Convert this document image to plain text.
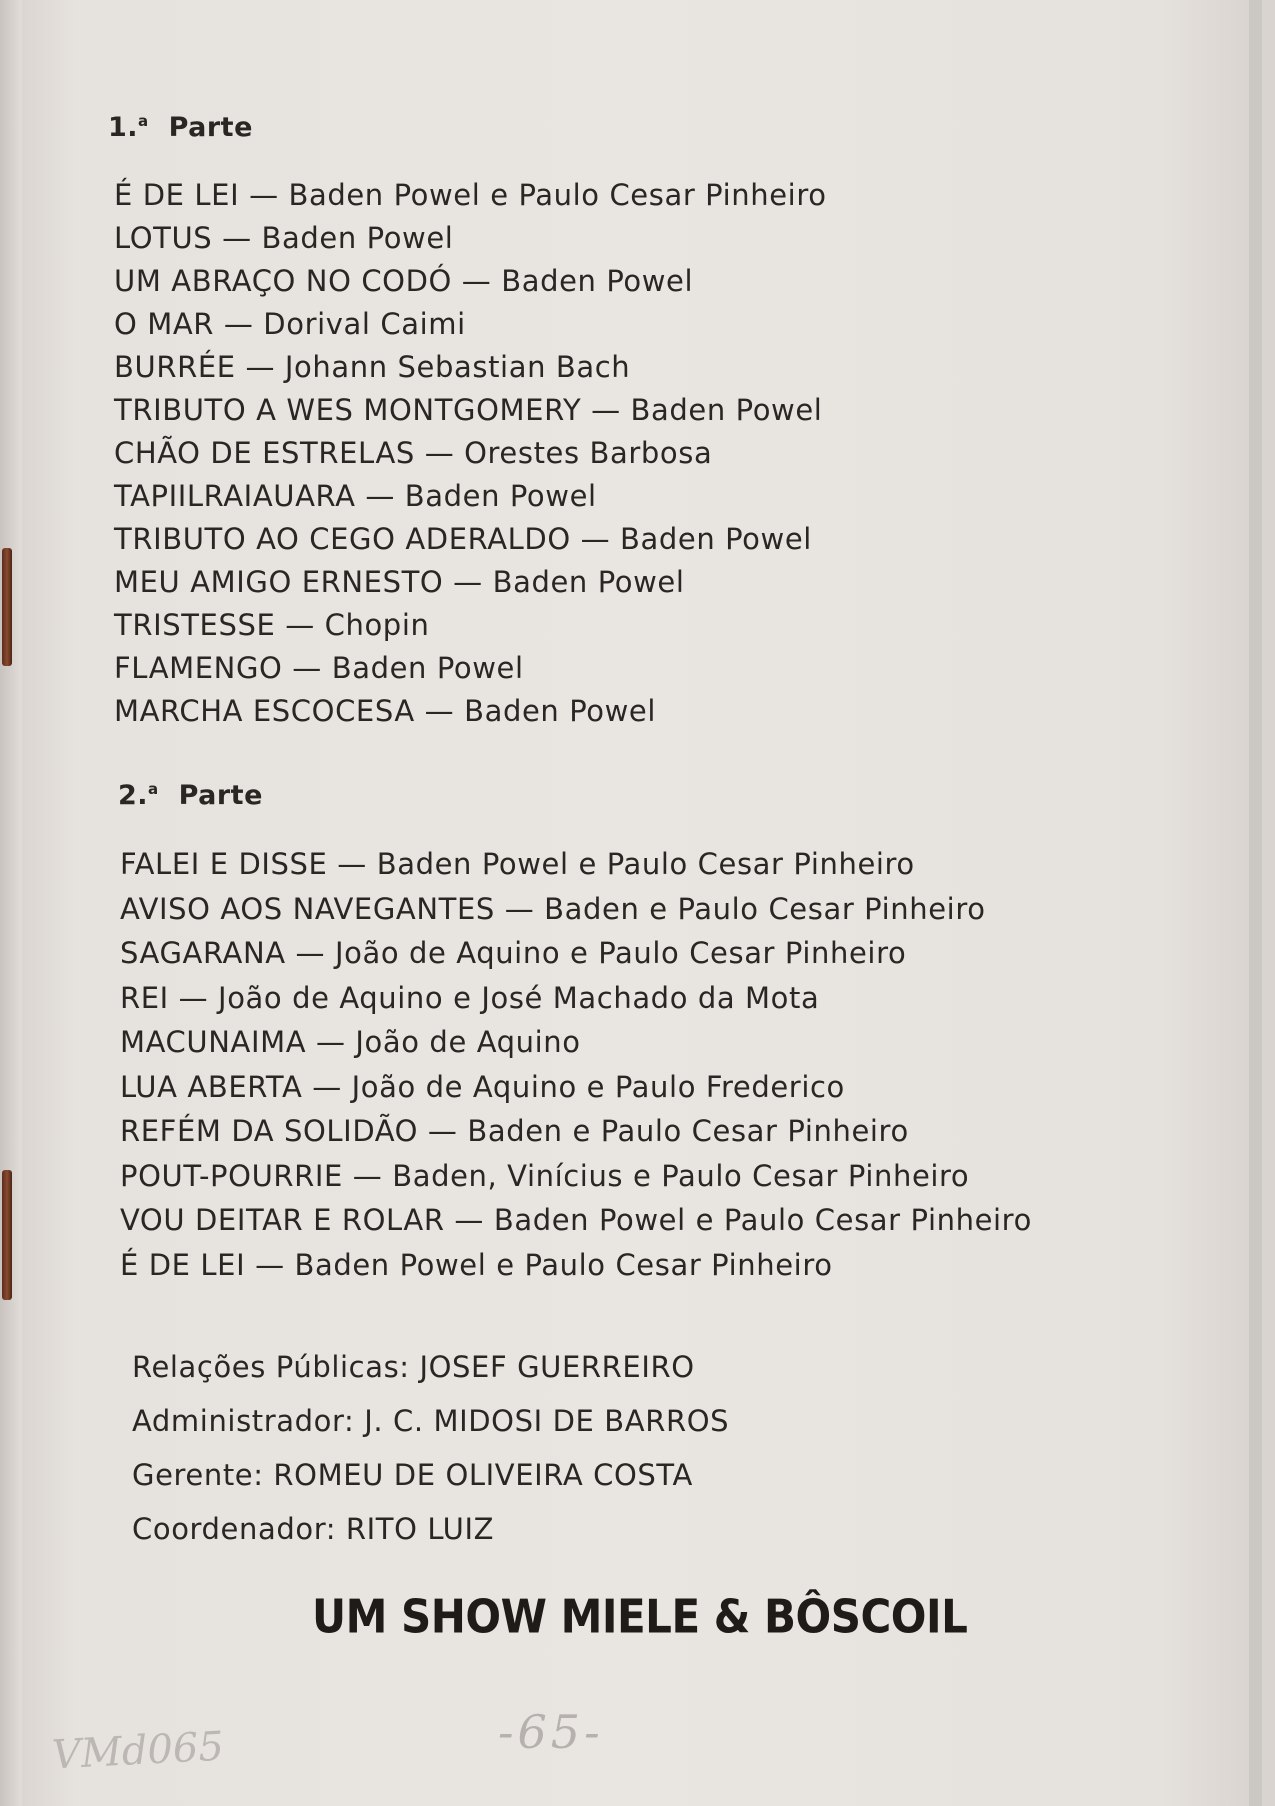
1.$^a$ Parte
É DE LEI — Baden Powel e Paulo Cesar Pinheiro
LOTUS — Baden Powel
UM ABRAÇO NO CODÓ — Baden Powel
O MAR — Dorival Caimi
BURRÉE — Johann Sebastian Bach
TRIBUTO A WES MONTGOMERY — Baden Powel
CHÃO DE ESTRELAS — Orestes Barbosa
TAPIILRAIAUARA — Baden Powel
TRIBUTO AO CEGO ADERALDO — Baden Powel
MEU AMIGO ERNESTO — Baden Powel
TRISTESSE — Chopin
FLAMENGO — Baden Powel
MARCHA ESCOCESA — Baden Powel
2.$^a$ Parte
FALEI E DISSE — Baden Powel e Paulo Cesar Pinheiro
AVISO AOS NAVEGANTES — Baden e Paulo Cesar Pinheiro
SAGARANA — João de Aquino e Paulo Cesar Pinheiro
REI — João de Aquino e José Machado da Mota
MACUNAIMA — João de Aquino
LUA ABERTA — João de Aquino e Paulo Frederico
REFÉM DA SOLIDÃO — Baden e Paulo Cesar Pinheiro
POUT-POURRIE — Baden, Vinícius e Paulo Cesar Pinheiro
VOU DEITAR E ROLAR — Baden Powel e Paulo Cesar Pinheiro
É DE LEI — Baden Powel e Paulo Cesar Pinheiro
Relações Públicas: JOSEF GUERREIRO
Administrador: J. C. MIDOSI DE BARROS
Gerente: ROMEU DE OLIVEIRA COSTA
Coordenador: RITO LUIZ
UM SHOW MIELE & BÔSCOIL
VMd065	-65-
